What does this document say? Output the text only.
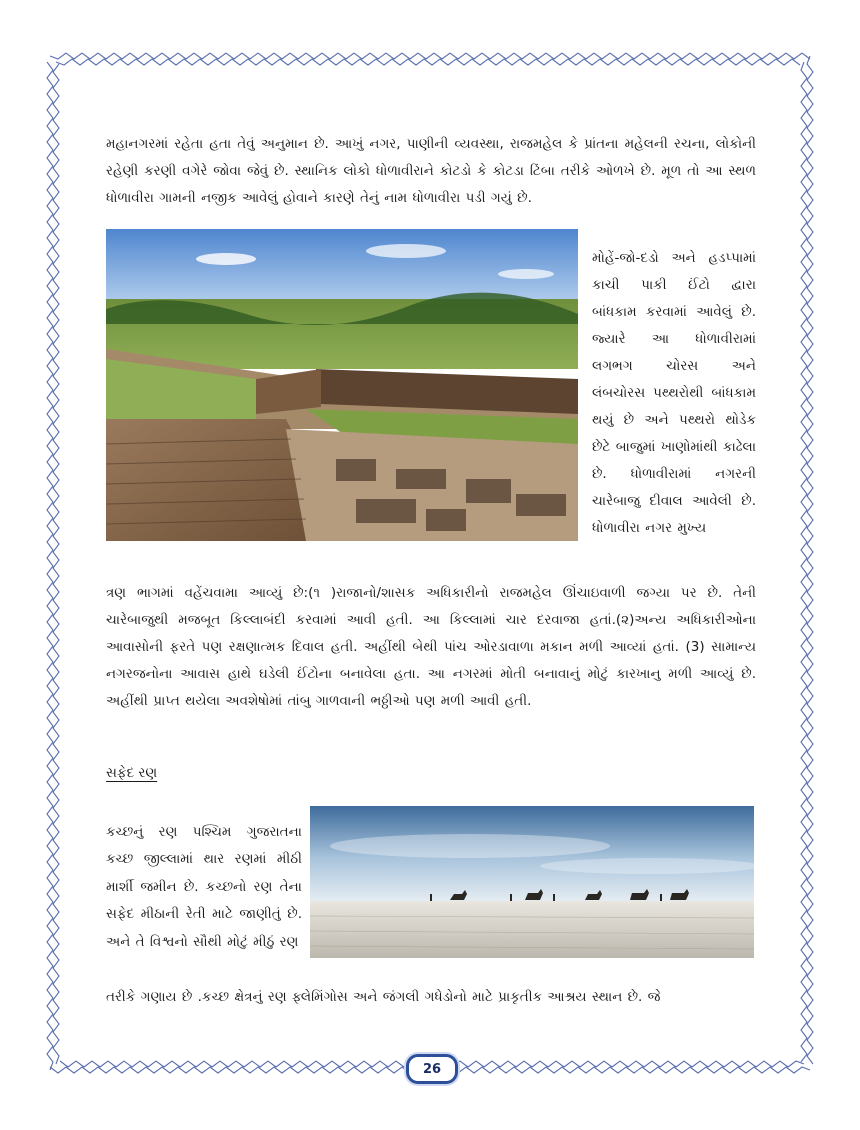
મહાનગરમાં રહેતા હતા તેવું અનુમાન છે. આખું નગર, પાણીની વ્યવસ્થા, રાજમહેલ કે પ્રાંતના મહેલની રચના, લોકોની રહેણી કરણી વગેરે જોવા જેવું છે. સ્થાનિક લોકો ધોળાવીરાને કોટડો કે કોટડા ટિંબા તરીકે ઓળખે છે. મૂળ તો આ સ્થળ ધોળાવીરા ગામની નજીક આવેલું હોવાને કારણે તેનું નામ ધોળાવીરા પડી ગયું છે.

મોહેં-જો-દડો અને હડપ્પામાં કાચી પાકી ઈંટો દ્વારા બાંધકામ કરવામાં આવેલું છે. જ્યારે આ ધોળાવીરામાં લગભગ ચોરસ અને લંબચોરસ પથ્થરોથી બાંધકામ થયું છે અને પથ્થરો થોડેક છેટે બાજુમાં ખાણોમાંથી કાઢેલા છે. ધોળાવીરામાં નગરની ચારેબાજુ દીવાલ આવેલી છે. ધોળાવીરા નગર મુખ્ય

ત્રણ ભાગમાં વહેંચવામા આવ્યું છે:(૧ )રાજાનો/શાસક અધિકારીનો રાજમહેલ ઊંચાઇવાળી જગ્યા પર છે. તેની ચારેબાજુથી મજબૂત કિલ્લાબંદી કરવામાં આવી હતી. આ કિલ્લામાં ચાર દરવાજા હતાં.(૨)અન્ય અધિકારીઓના આવાસોની ફરતે પણ રક્ષણાત્મક દિવાલ હતી. અહીંથી બેથી પાંચ ઓરડાવાળા મકાન મળી આવ્યાં હતાં. (3) સામાન્ય નગરજનોના આવાસ હાથે ઘડેલી ઈંટોના બનાવેલા હતા. આ નગરમાં મોતી બનાવાનું મોટું કારખાનુ મળી આવ્યું છે. અહીંથી પ્રાપ્ત થયેલા અવશેષોમાં તાંબુ ગાળવાની ભઠ્ઠીઓ પણ મળી આવી હતી.

સફેદ રણ

કચ્છનું રણ પશ્ચિમ ગુજરાતના કચ્છ જીલ્લામાં થાર રણમાં મીઠી માર્શી જમીન છે. કચ્છનો રણ તેના સફેદ મીઠાની રેતી માટે જાણીતું છે. અને તે વિશ્વનો સૌથી મોટું મીઠું રણ

તરીકે ગણાય છે .કચ્છ ક્ષેત્રનું રણ ફ્લેમિંગોસ અને જંગલી ગધેડોનો માટે પ્રાકૃતીક આશ્રય સ્થાન છે. જે

26
